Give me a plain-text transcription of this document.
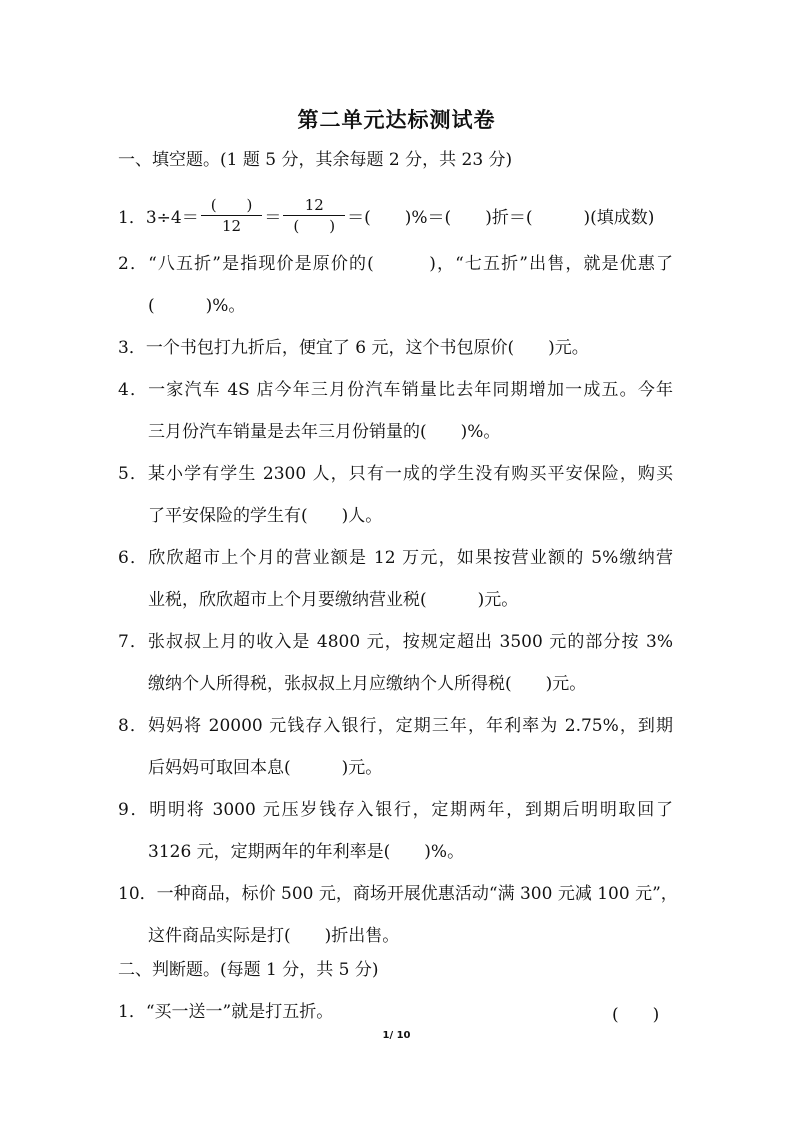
第二单元达标测试卷
一、填空题。(1 题 5 分，其余每题 2 分，共 23 分)
1．$3\div 4= \frac{( )}{12} = \frac{12}{( )}$ ＝(　　)%＝(　　)折＝(　　　)(填成数)
2．“八五折”是指现价是原价的(　　　)，“七五折”出售，就是优惠了
(　　　)%。
3．一个书包打九折后，便宜了 6 元，这个书包原价(　　)元。
4．一家汽车 4S 店今年三月份汽车销量比去年同期增加一成五。今年
三月份汽车销量是去年三月份销量的(　　)%。
5．某小学有学生 2300 人，只有一成的学生没有购买平安保险，购买
了平安保险的学生有(　　)人。
6．欣欣超市上个月的营业额是 12 万元，如果按营业额的 5%缴纳营
业税，欣欣超市上个月要缴纳营业税(　　　)元。
7．张叔叔上月的收入是 4800 元，按规定超出 3500 元的部分按 3%
缴纳个人所得税，张叔叔上月应缴纳个人所得税(　　)元。
8．妈妈将 20000 元钱存入银行，定期三年，年利率为 2.75%，到期
后妈妈可取回本息(　　　)元。
9．明明将 3000 元压岁钱存入银行，定期两年，到期后明明取回了
3126 元，定期两年的年利率是(　　)%。
10．一种商品，标价 500 元，商场开展优惠活动“满 300 元减 100 元”，
这件商品实际是打(　　)折出售。
二、判断题。(每题 1 分，共 5 分)
1．“买一送一”就是打五折。	(　　)
1/ 10
